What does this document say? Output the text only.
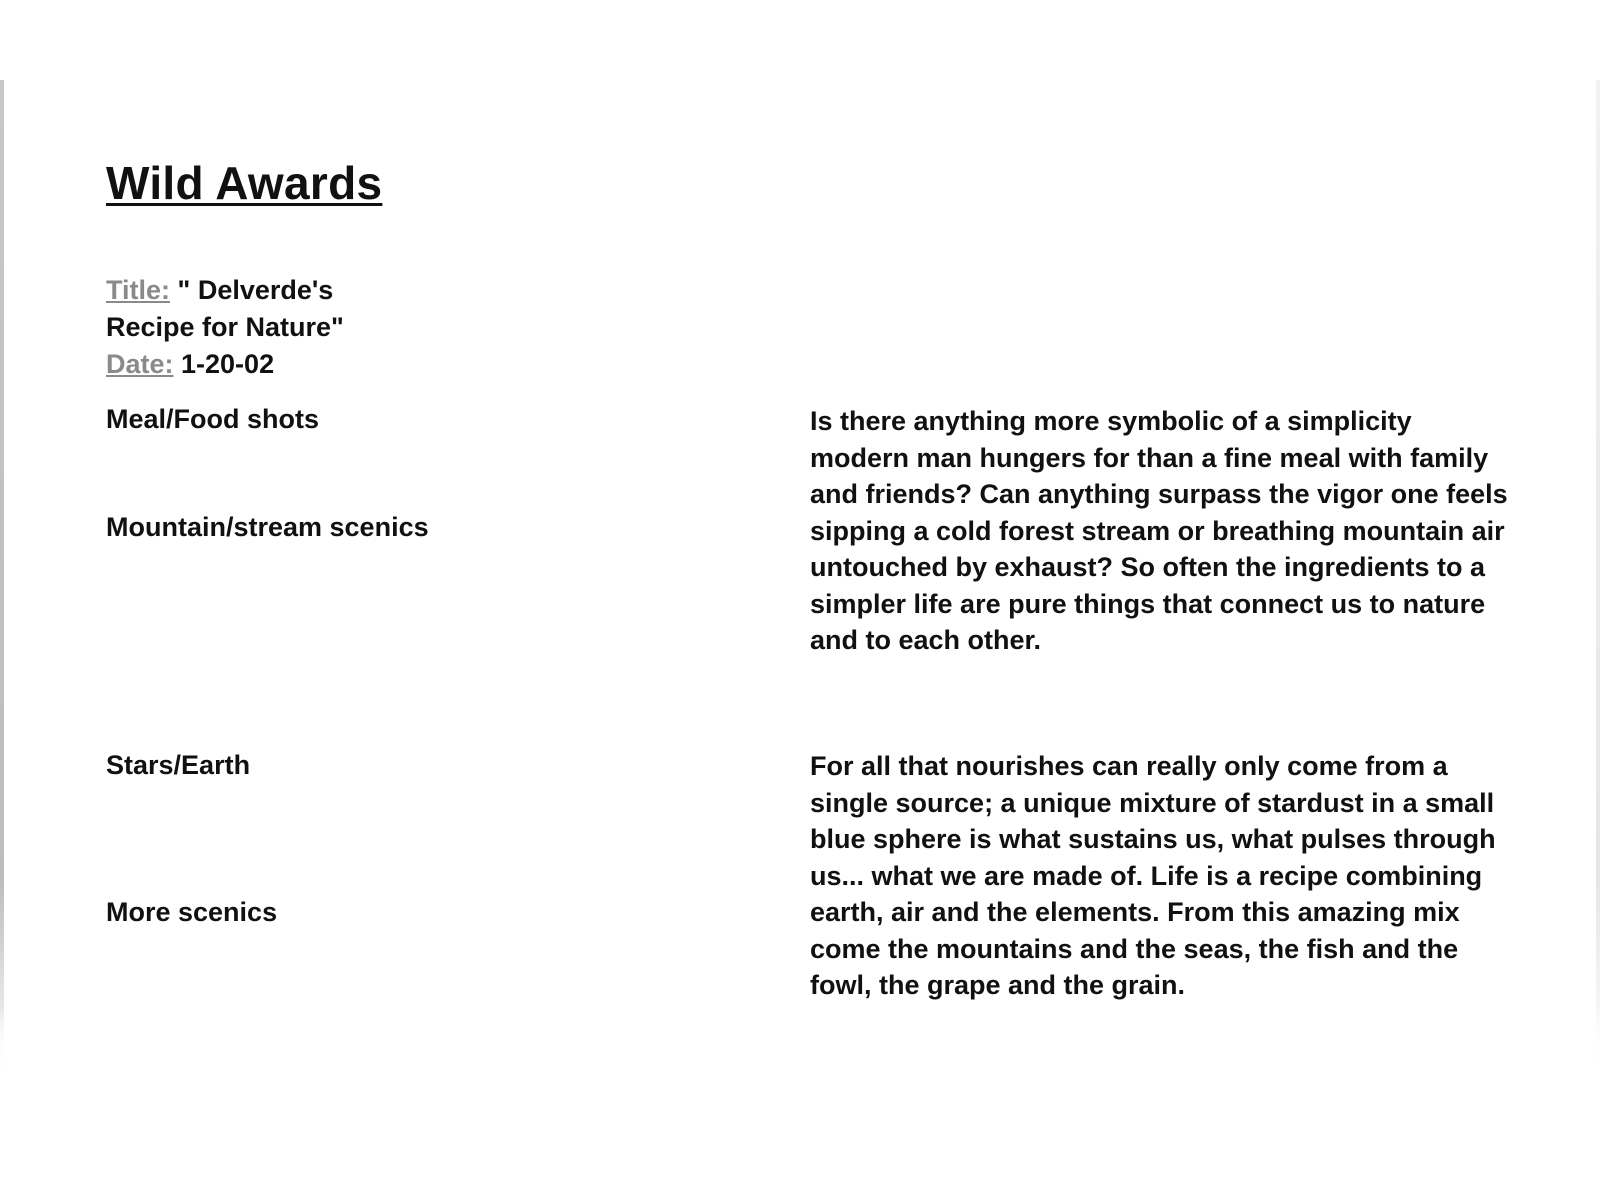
Wild Awards
Title: " Delverde's Recipe for Nature"
Date: 1-20-02
Meal/Food shots
Mountain/stream scenics
Stars/Earth
More scenics
Is there anything more symbolic of a simplicity modern man hungers for than a fine meal with family and friends? Can anything surpass the vigor one feels sipping a cold forest stream or breathing mountain air untouched by exhaust? So often the ingredients to a simpler life are pure things that connect us to nature and to each other.
For all that nourishes can really only come from a single source; a unique mixture of stardust in a small blue sphere is what sustains us, what pulses through us... what we are made of. Life is a recipe combining earth, air and the elements. From this amazing mix come the mountains and the seas, the fish and the fowl, the grape and the grain.
